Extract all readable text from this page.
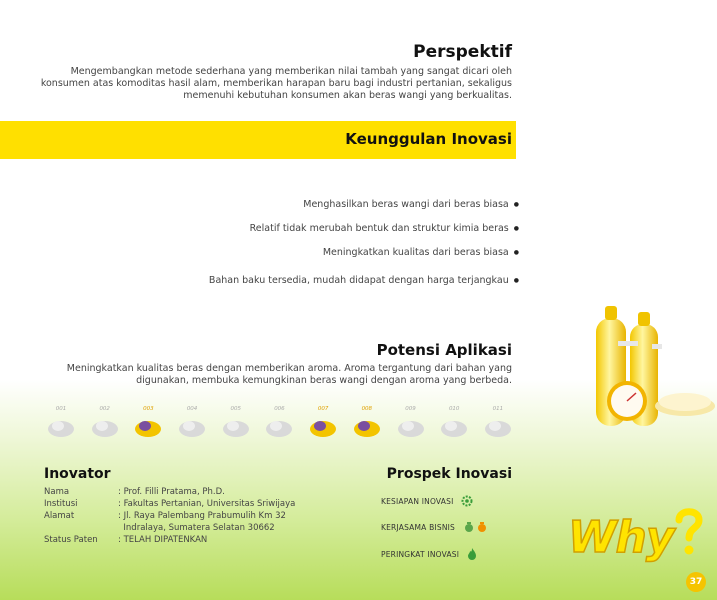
Perspektif
Mengembangkan metode sederhana yang memberikan nilai tambah yang sangat dicari oleh konsumen atas komoditas hasil alam, memberikan harapan baru bagi industri pertanian, sekaligus memenuhi kebutuhan konsumen akan beras wangi yang berkualitas.
Keunggulan Inovasi
Menghasilkan beras wangi dari beras biasa ●
Relatif tidak merubah bentuk dan struktur kimia beras ●
Meningkatkan kualitas dari beras biasa ●
Bahan baku tersedia, mudah didapat dengan harga terjangkau ●
Potensi Aplikasi
Meningkatkan kualitas beras dengan memberikan aroma. Aroma tergantung dari bahan yang digunakan, membuka kemungkinan beras wangi dengan aroma yang berbeda.
001	002	003	004	005	006	007	008	009	010	011
Inovator
Nama	: Prof. Filli Pratama, Ph.D.
Institusi	: Fakultas Pertanian, Universitas Sriwijaya
Alamat	: Jl. Raya Palembang Prabumulih Km 32
	Indralaya, Sumatera Selatan 30662
Status Paten	: TELAH DIPATENKAN
Prospek Inovasi
KESIAPAN INOVASI
KERJASAMA BISNIS
PERINGKAT INOVASI Why
37
